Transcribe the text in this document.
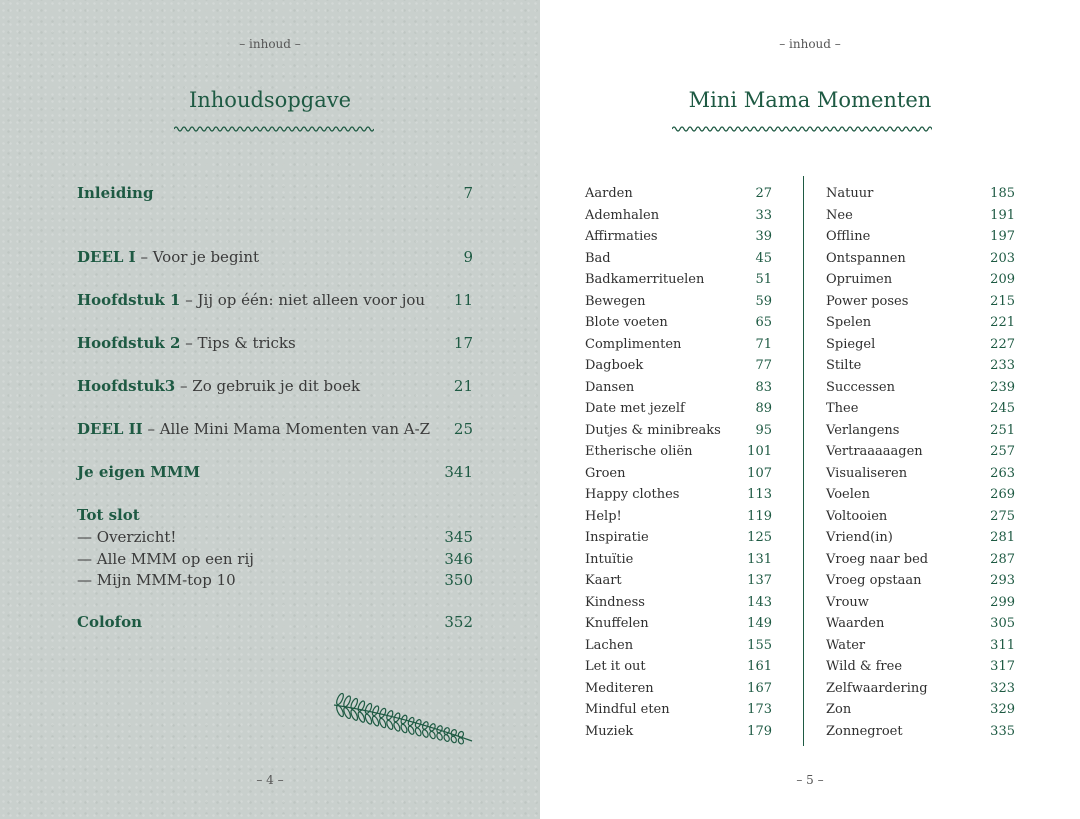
– inhoud –
Inhoudsopgave
Inleiding	7
DEEL I – Voor je begint	9
Hoofdstuk 1 – Jij op één: niet alleen voor jou 11
Hoofdstuk 2 – Tips & tricks	17
Hoofdstuk3 – Zo gebruik je dit boek	21
DEEL II – Alle Mini Mama Momenten van A-Z 25
Je eigen MMM	341
Tot slot
— Overzicht!	345
— Alle MMM op een rij	346
— Mijn MMM-top 10	350
Colofon	352
– 4 –
– inhoud –
Mini Mama Momenten
Aarden	27
Ademhalen	33
Affirmaties	39
Bad	45
Badkamerrituelen	51
Bewegen	59
Blote voeten	65
Complimenten	71
Dagboek	77
Dansen	83
Date met jezelf	89
Dutjes & minibreaks	95
Etherische oliën	101
Groen	107
Happy clothes	113
Help!	119
Inspiratie	125
Intuïtie	131
Kaart	137
Kindness	143
Knuffelen	149
Lachen	155
Let it out	161
Mediteren	167
Mindful eten	173
Muziek	179
Natuur	185
Nee	191
Offline	197
Ontspannen	203
Opruimen	209
Power poses	215
Spelen	221
Spiegel	227
Stilte	233
Successen	239
Thee	245
Verlangens	251
Vertraaaaagen	257
Visualiseren	263
Voelen	269
Voltooien	275
Vriend(in)	281
Vroeg naar bed	287
Vroeg opstaan	293
Vrouw	299
Waarden	305
Water	311
Wild & free	317
Zelfwaardering	323
Zon	329
Zonnegroet	335
– 5 –
